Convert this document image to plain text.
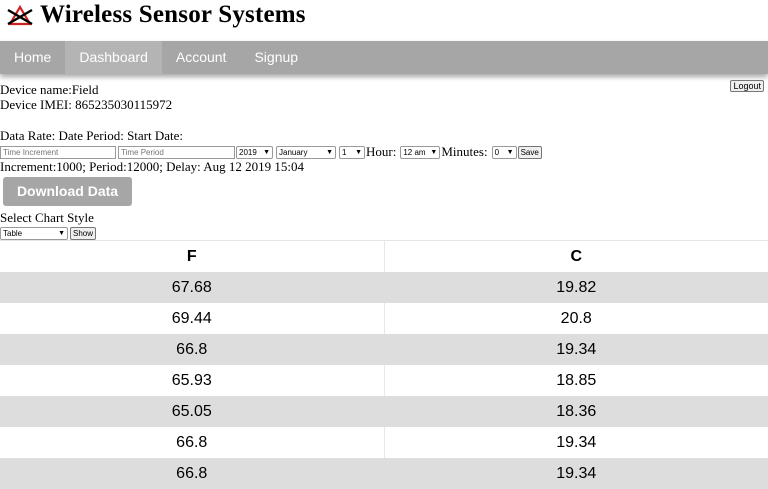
Wireless Sensor Systems
Home	Dashboard	Account	Signup
Logout
Device name:Field
Device IMEI: 865235030115972
Data Rate: Date Period: Start Date:
Time Increment
Time Period
2019 ▼ January	▼ 1 ▼ Hour: 12 am ▼ Minutes: 0 ▼ Save
Increment:1000; Period:12000; Delay: Aug 12 2019 15:04
Download Data
Select Chart Style
Table	▼	Show
F	C
67.68	19.82
69.44	20.8
66.8	19.34
65.93	18.85
65.05	18.36
66.8	19.34
66.8	19.34
